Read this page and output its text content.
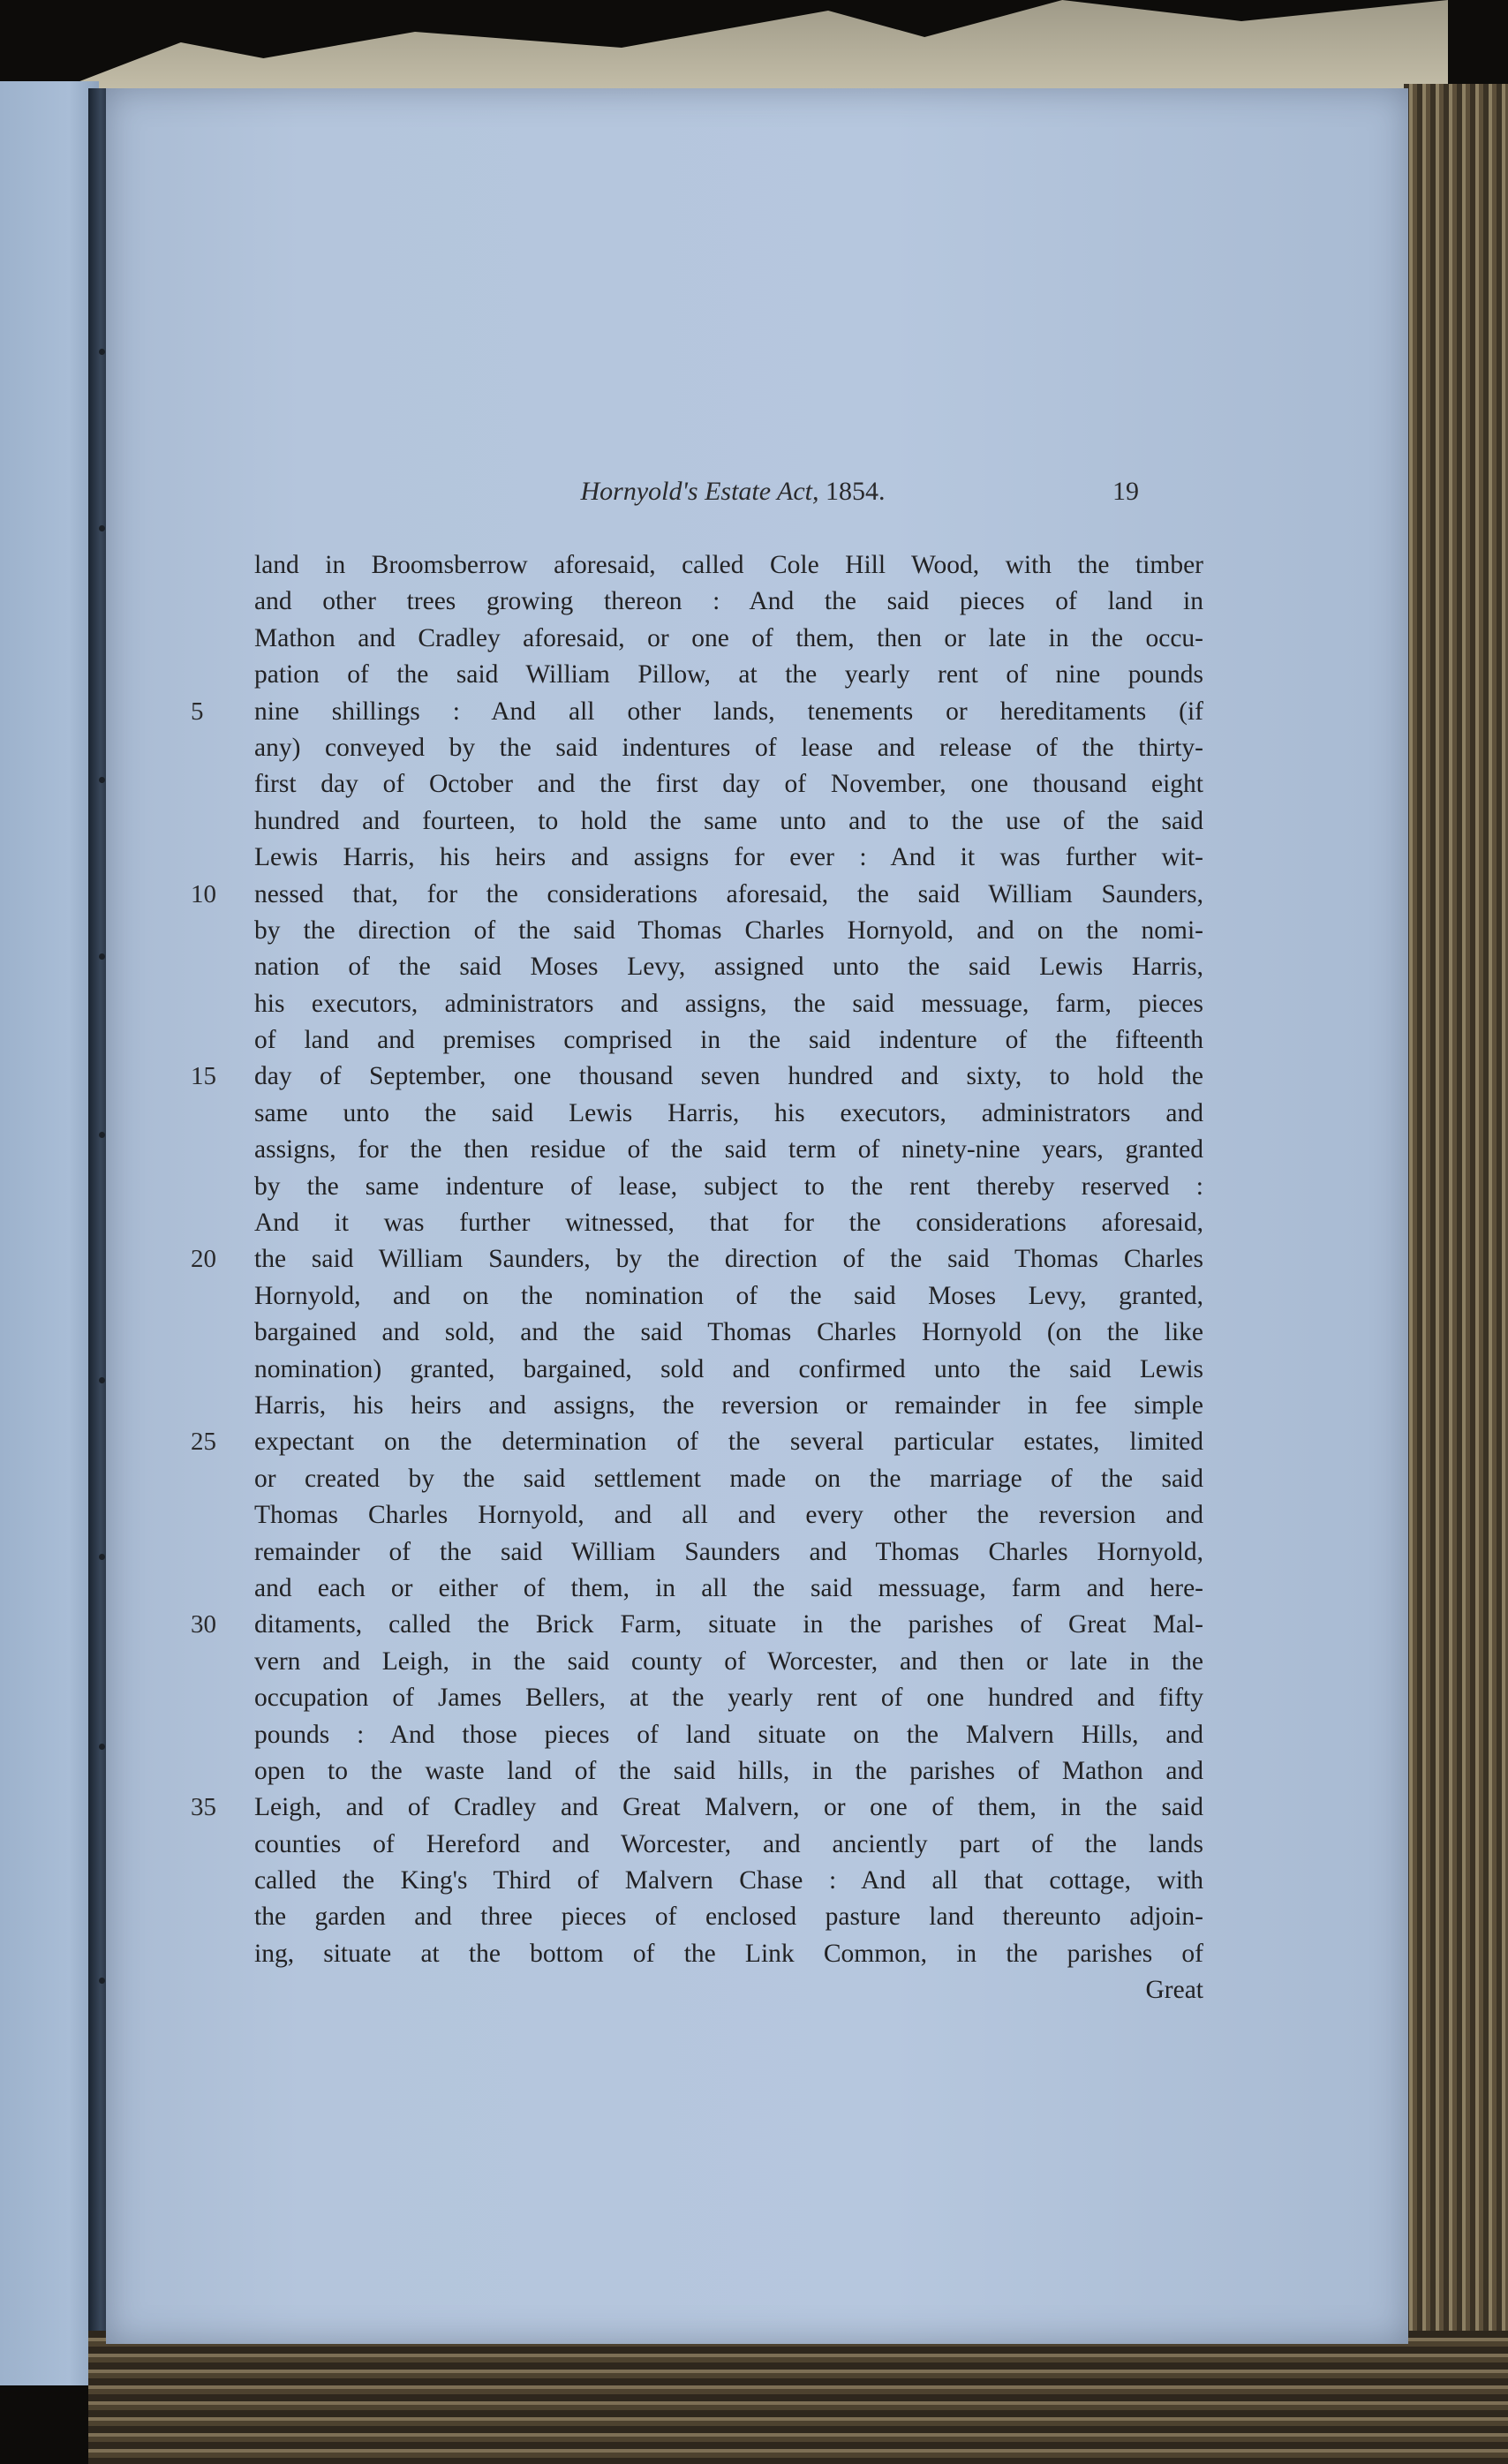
Hornyold's Estate Act, 1854.	19
land in Broomsberrow aforesaid, called Cole Hill Wood, with the timber
and other trees growing thereon : And the said pieces of land in
Mathon and Cradley aforesaid, or one of them, then or late in the occu-
pation of the said William Pillow, at the yearly rent of nine pounds
5	nine shillings : And all other lands, tenements or hereditaments (if
any) conveyed by the said indentures of lease and release of the thirty-
first day of October and the first day of November, one thousand eight
hundred and fourteen, to hold the same unto and to the use of the said
Lewis Harris, his heirs and assigns for ever : And it was further wit-
10	nessed that, for the considerations aforesaid, the said William Saunders,
by the direction of the said Thomas Charles Hornyold, and on the nomi-
nation of the said Moses Levy, assigned unto the said Lewis Harris,
his executors, administrators and assigns, the said messuage, farm, pieces
of land and premises comprised in the said indenture of the fifteenth
15	day of September, one thousand seven hundred and sixty, to hold the
same unto the said Lewis Harris, his executors, administrators and
assigns, for the then residue of the said term of ninety-nine years, granted
by the same indenture of lease, subject to the rent thereby reserved :
And it was further witnessed, that for the considerations aforesaid,
20	the said William Saunders, by the direction of the said Thomas Charles
Hornyold, and on the nomination of the said Moses Levy, granted,
bargained and sold, and the said Thomas Charles Hornyold (on the like
nomination) granted, bargained, sold and confirmed unto the said Lewis
Harris, his heirs and assigns, the reversion or remainder in fee simple
25	expectant on the determination of the several particular estates, limited
or created by the said settlement made on the marriage of the said
Thomas Charles Hornyold, and all and every other the reversion and
remainder of the said William Saunders and Thomas Charles Hornyold,
and each or either of them, in all the said messuage, farm and here-
30	ditaments, called the Brick Farm, situate in the parishes of Great Mal-
vern and Leigh, in the said county of Worcester, and then or late in the
occupation of James Bellers, at the yearly rent of one hundred and fifty
pounds : And those pieces of land situate on the Malvern Hills, and
open to the waste land of the said hills, in the parishes of Mathon and
35	Leigh, and of Cradley and Great Malvern, or one of them, in the said
counties of Hereford and Worcester, and anciently part of the lands
called the King's Third of Malvern Chase : And all that cottage, with
the garden and three pieces of enclosed pasture land thereunto adjoin-
ing, situate at the bottom of the Link Common, in the parishes of
Great
